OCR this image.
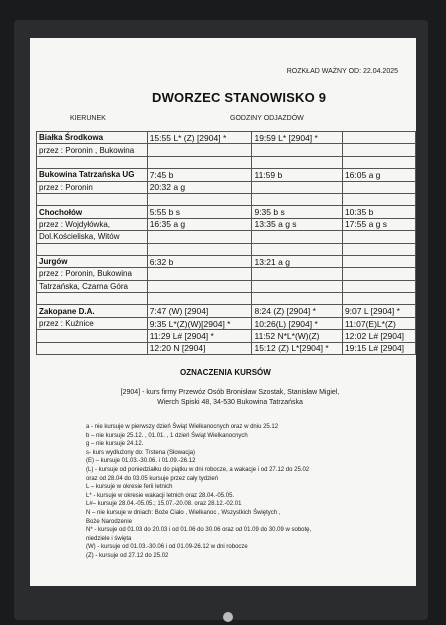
ROZKŁAD WAŻNY OD: 22.04.2025
DWORZEC STANOWISKO 9
KIERUNEK	GODZINY ODJAZDÓW
Białka Środkowa	15:55 L* (Z) [2904] *	19:59 L* [2904] *	
przez : Poronin , Bukowina			

Bukowina Tatrzańska UG	7:45 b	11:59 b	16:05 a g
przez : Poronin	20:32 a g		

Chochołów	5:55 b s	9:35 b s	10:35 b
przez : Wojdyłówka,	16:35 a g	13:35 a g s	17:55 a g s
Dol.Kościeliska, Witów			

Jurgów	6:32 b	13:21 a g	
przez : Poronin, Bukowina			
Tatrzańska, Czarna Góra			

Zakopane D.A.	7:47 (W) [2904]	8:24 (Z) [2904] *	9:07 L [2904] *
przez : Kuźnice	9:35 L*(Z)(W)[2904] *	10:26(L) [2904] *	11:07(E)L*(Z)
	11:29 L# [2904] *	11:52 N*L*(W)(Z)	12:02 L# [2904]
	12:20 N [2904]	15:12 (Z) L*[2904] *	19:15 L# [2904]
OZNACZENIA KURSÓW
[2904] - kurs firmy Przewóz Osób Bronisław Szostak, Stanisław Migiel,
Wierch Spiski 48, 34-530 Bukowina Tatrzańska
a - nie kursuje w pierwszy dzień Świąt Wielkanocnych oraz w dniu 25.12
b – nie kursuje 25.12. , 01.01. , 1 dzień Świąt Wielkanocnych
g – nie kursuje 24.12.
s- kurs wydłużony do: Trstena (Słowacja)
(E) – kursuje 01.03.-30.06. i 01.09.-26.12
(L) - kursuje od poniedziałku do piątku w dni robocze, a wakacje i od 27.12 do 25.02
oraz od 28.04 do 03.05 kursuje przez cały tydzień
L – kursuje w okresie ferii letnich
L* - kursuje w okresie wakacji letnich oraz 28.04.-05.05.
L#– kursuje 28.04.-05.05.; 15.07.-20.08. oraz 28.12.-02.01
N – nie kursuje w dniach: Boże Ciało , Wielkanoc , Wszystkich Świętych ,
Boże Narodzenie
N* - kursuje od 01.03 do 20.03 i od 01.06 do 30.06 oraz od 01.09 do 30.09 w sobotę,
niedziele i święta
(W) - kursuje od 01.03.-30.06 i od 01.09-26.12 w dni robocze
(Z) - kursuje od 27.12 do 25.02
